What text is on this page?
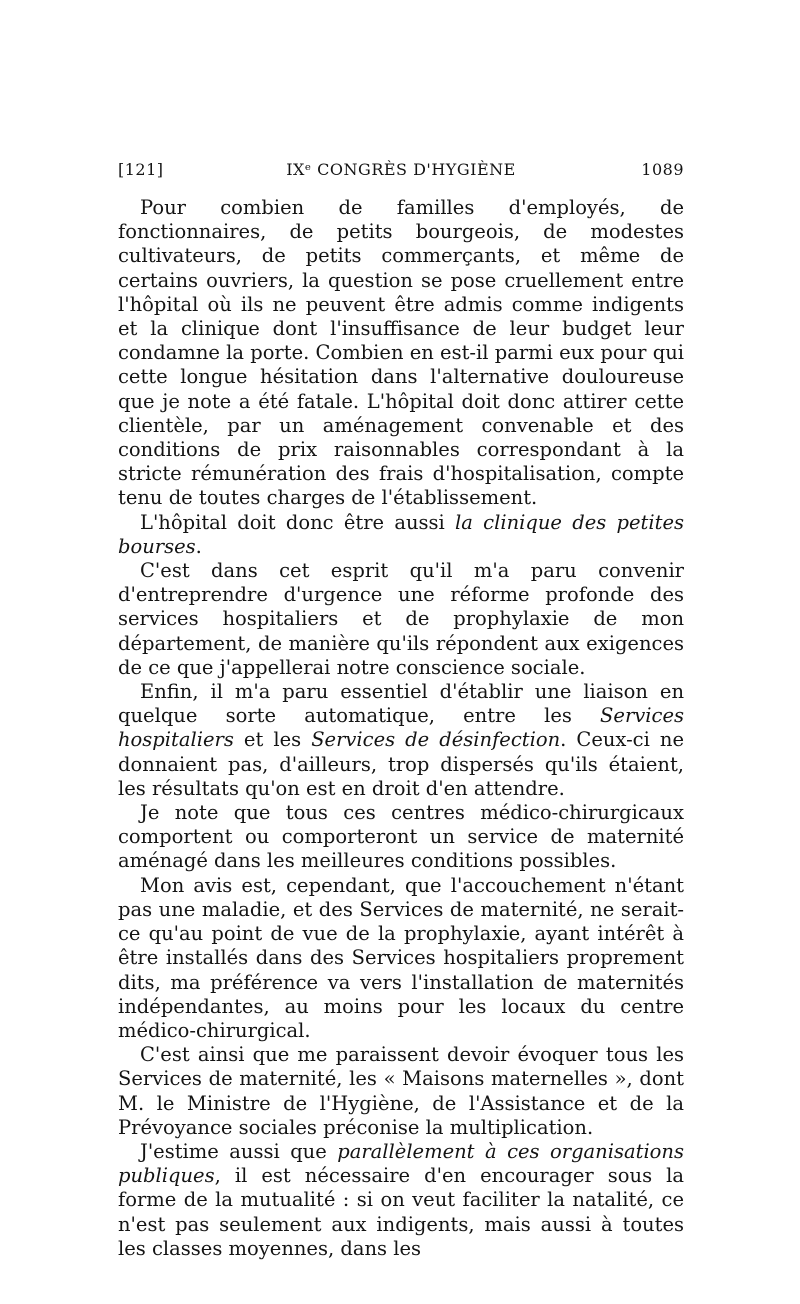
IXᵉ CONGRÈS D'HYGIÈNE
[121]	1089

Pour combien de familles d'employés, de fonctionnaires, de petits bourgeois, de modestes cultivateurs, de petits commerçants, et même de certains ouvriers, la question se pose cruellement entre l'hôpital où ils ne peuvent être admis comme indigents et la clinique dont l'insuffisance de leur budget leur condamne la porte. Combien en est-il parmi eux pour qui cette longue hésitation dans l'alternative douloureuse que je note a été fatale. L'hôpital doit donc attirer cette clientèle, par un aménagement convenable et des conditions de prix raisonnables correspondant à la stricte rémunération des frais d'hospitalisation, compte tenu de toutes charges de l'établissement.

L'hôpital doit donc être aussi la clinique des petites bourses.

C'est dans cet esprit qu'il m'a paru convenir d'entreprendre d'urgence une réforme profonde des services hospitaliers et de prophylaxie de mon département, de manière qu'ils répondent aux exigences de ce que j'appellerai notre conscience sociale.

Enfin, il m'a paru essentiel d'établir une liaison en quelque sorte automatique, entre les Services hospitaliers et les Services de désinfection. Ceux-ci ne donnaient pas, d'ailleurs, trop dispersés qu'ils étaient, les résultats qu'on est en droit d'en attendre.

Je note que tous ces centres médico-chirurgicaux comportent ou comporteront un service de maternité aménagé dans les meilleures conditions possibles.

Mon avis est, cependant, que l'accouchement n'étant pas une maladie, et des Services de maternité, ne serait-ce qu'au point de vue de la prophylaxie, ayant intérêt à être installés dans des Services hospitaliers proprement dits, ma préférence va vers l'installation de maternités indépendantes, au moins pour les locaux du centre médico-chirurgical.

C'est ainsi que me paraissent devoir évoquer tous les Services de maternité, les « Maisons maternelles », dont M. le Ministre de l'Hygiène, de l'Assistance et de la Prévoyance sociales préconise la multiplication.

J'estime aussi que parallèlement à ces organisations publiques, il est nécessaire d'en encourager sous la forme de la mutualité : si on veut faciliter la natalité, ce n'est pas seulement aux indigents, mais aussi à toutes les classes moyennes, dans les
